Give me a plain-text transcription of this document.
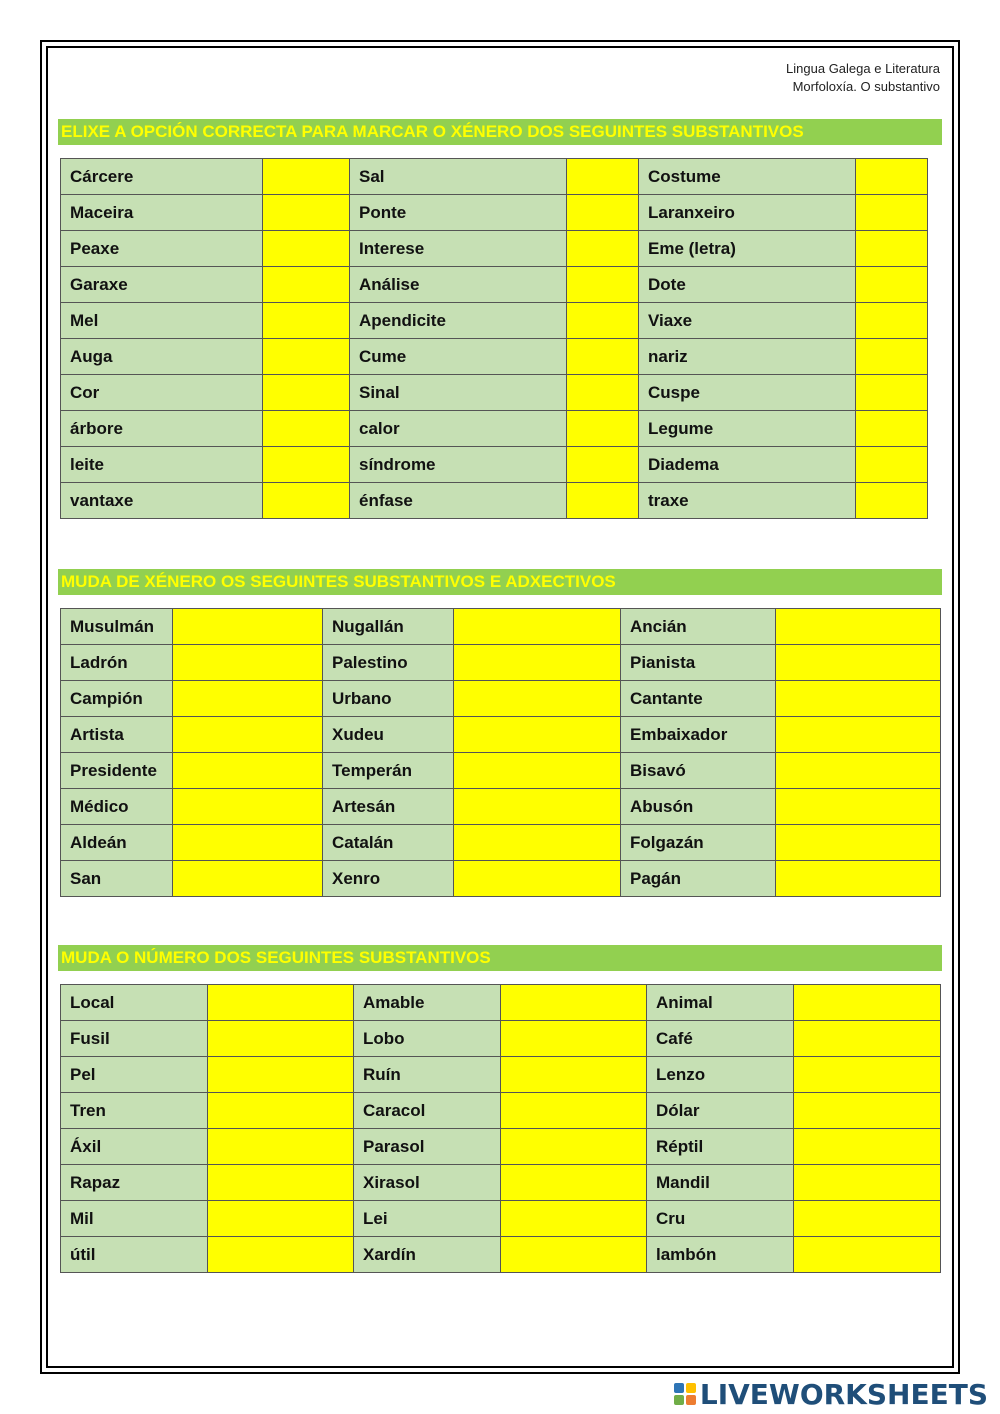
Lingua Galega e Literatura
Morfoloxía. O substantivo
ELIXE A OPCIÓN CORRECTA PARA MARCAR O XÉNERO DOS SEGUINTES SUBSTANTIVOS
Cárcere		Sal		Costume	
Maceira		Ponte		Laranxeiro	
Peaxe		Interese		Eme (letra)	
Garaxe		Análise		Dote	
Mel		Apendicite		Viaxe	
Auga		Cume		nariz	
Cor		Sinal		Cuspe	
árbore		calor		Legume	
leite		síndrome		Diadema	
vantaxe		énfase		traxe	
MUDA DE XÉNERO OS SEGUINTES SUBSTANTIVOS E ADXECTIVOS
Musulmán		Nugallán		Ancián	
Ladrón		Palestino		Pianista	
Campión		Urbano		Cantante	
Artista		Xudeu		Embaixador	
Presidente		Temperán		Bisavó	
Médico		Artesán		Abusón	
Aldeán		Catalán		Folgazán	
San		Xenro		Pagán	
MUDA O NÚMERO DOS SEGUINTES SUBSTANTIVOS
Local		Amable		Animal	
Fusil		Lobo		Café	
Pel		Ruín		Lenzo	
Tren		Caracol		Dólar	
Áxil		Parasol		Réptil	
Rapaz		Xirasol		Mandil	
Mil		Lei		Cru	
útil		Xardín		lambón	
LIVEWORKSHEETS
